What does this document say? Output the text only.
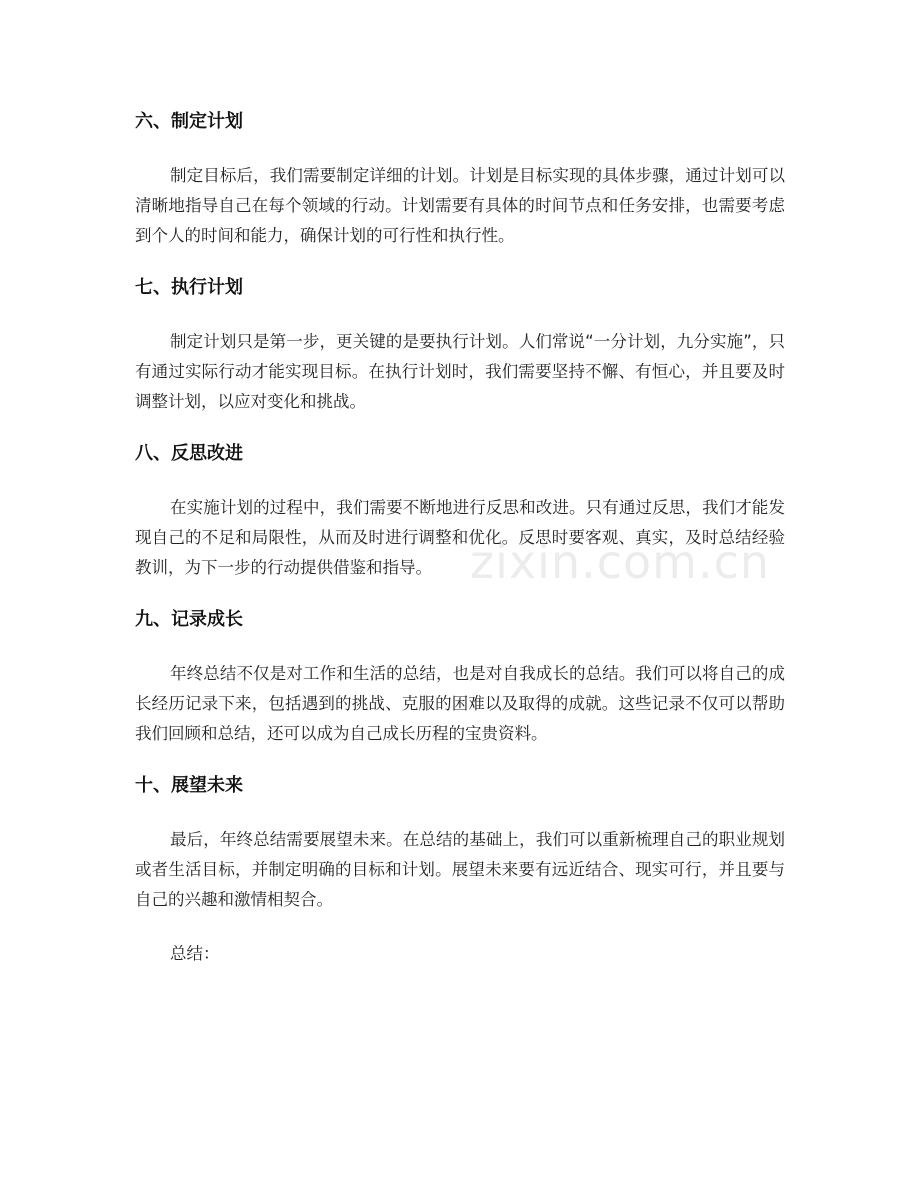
六、制定计划

制定目标后，我们需要制定详细的计划。计划是目标实现的具体步骤，通过计划可以清晰地指导自己在每个领域的行动。计划需要有具体的时间节点和任务安排，也需要考虑到个人的时间和能力，确保计划的可行性和执行性。

七、执行计划

制定计划只是第一步，更关键的是要执行计划。人们常说“一分计划，九分实施”，只有通过实际行动才能实现目标。在执行计划时，我们需要坚持不懈、有恒心，并且要及时调整计划，以应对变化和挑战。

八、反思改进

在实施计划的过程中，我们需要不断地进行反思和改进。只有通过反思，我们才能发现自己的不足和局限性，从而及时进行调整和优化。反思时要客观、真实，及时总结经验教训，为下一步的行动提供借鉴和指导。

九、记录成长

年终总结不仅是对工作和生活的总结，也是对自我成长的总结。我们可以将自己的成长经历记录下来，包括遇到的挑战、克服的困难以及取得的成就。这些记录不仅可以帮助我们回顾和总结，还可以成为自己成长历程的宝贵资料。

十、展望未来

最后，年终总结需要展望未来。在总结的基础上，我们可以重新梳理自己的职业规划或者生活目标，并制定明确的目标和计划。展望未来要有远近结合、现实可行，并且要与自己的兴趣和激情相契合。

总结：

zixin.com.cn
